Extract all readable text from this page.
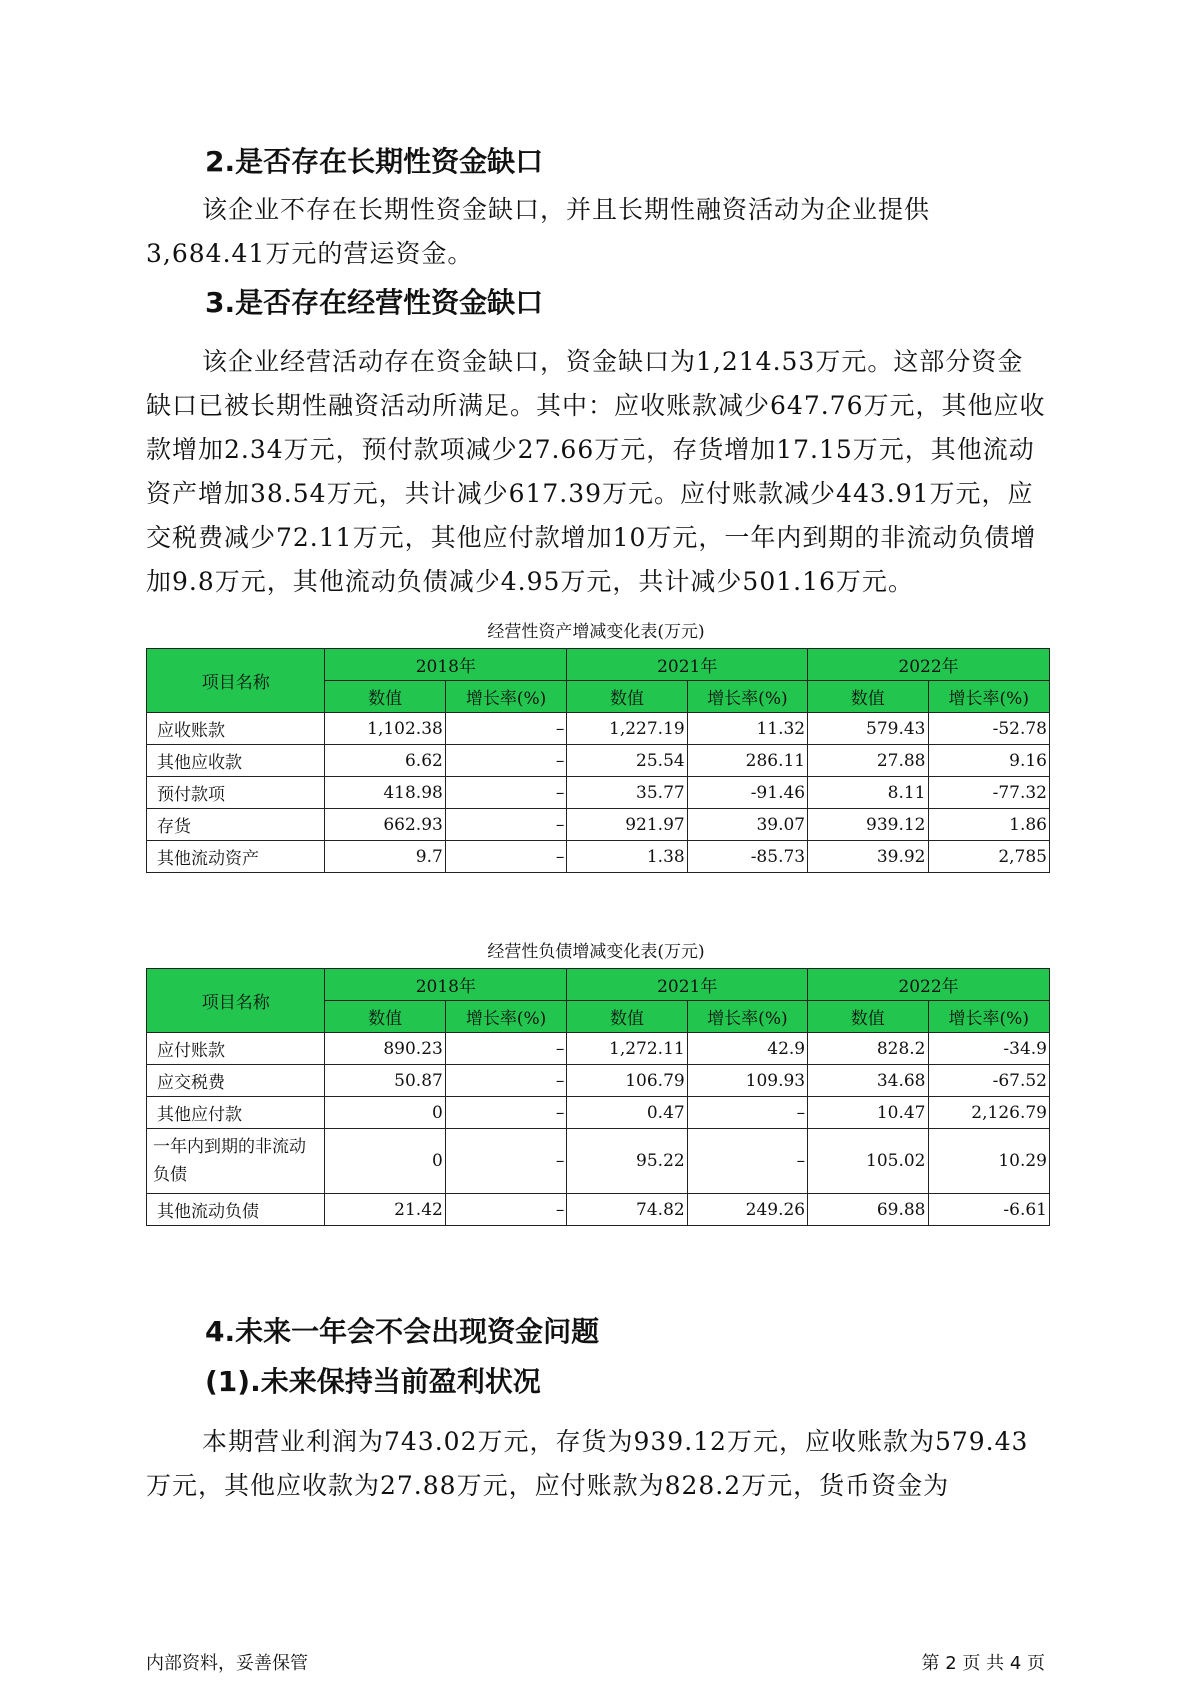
2.是否存在长期性资金缺口
该企业不存在长期性资金缺口，并且长期性融资活动为企业提供3,684.41万元的营运资金。
3.是否存在经营性资金缺口
该企业经营活动存在资金缺口，资金缺口为1,214.53万元。这部分资金缺口已被长期性融资活动所满足。其中：应收账款减少647.76万元，其他应收款增加2.34万元，预付款项减少27.66万元，存货增加17.15万元，其他流动资产增加38.54万元，共计减少617.39万元。应付账款减少443.91万元，应交税费减少72.11万元，其他应付款增加10万元，一年内到期的非流动负债增加9.8万元，其他流动负债减少4.95万元，共计减少501.16万元。
经营性资产增减变化表(万元)
项目名称	2018年		2021年		2022年	
	数值	增长率(%)	数值	增长率(%)	数值	增长率(%)
应收账款	1,102.38	–	1,227.19	11.32	579.43	-52.78
其他应收款	6.62	–	25.54	286.11	27.88	9.16
预付款项	418.98	–	35.77	-91.46	8.11	-77.32
存货	662.93	–	921.97	39.07	939.12	1.86
其他流动资产	9.7	–	1.38	-85.73	39.92	2,785
经营性负债增减变化表(万元)
项目名称	2018年		2021年		2022年	
	数值	增长率(%)	数值	增长率(%)	数值	增长率(%)
应付账款	890.23	–	1,272.11	42.9	828.2	-34.9
应交税费	50.87	–	106.79	109.93	34.68	-67.52
其他应付款	0	–	0.47	–	10.47	2,126.79
一年内到期的非流动负债	0	–	95.22	–	105.02	10.29
其他流动负债	21.42	–	74.82	249.26	69.88	-6.61
4.未来一年会不会出现资金问题
(1).未来保持当前盈利状况
本期营业利润为743.02万元，存货为939.12万元，应收账款为579.43万元，其他应收款为27.88万元，应付账款为828.2万元，货币资金为
内部资料，妥善保管	第 2 页 共 4 页
